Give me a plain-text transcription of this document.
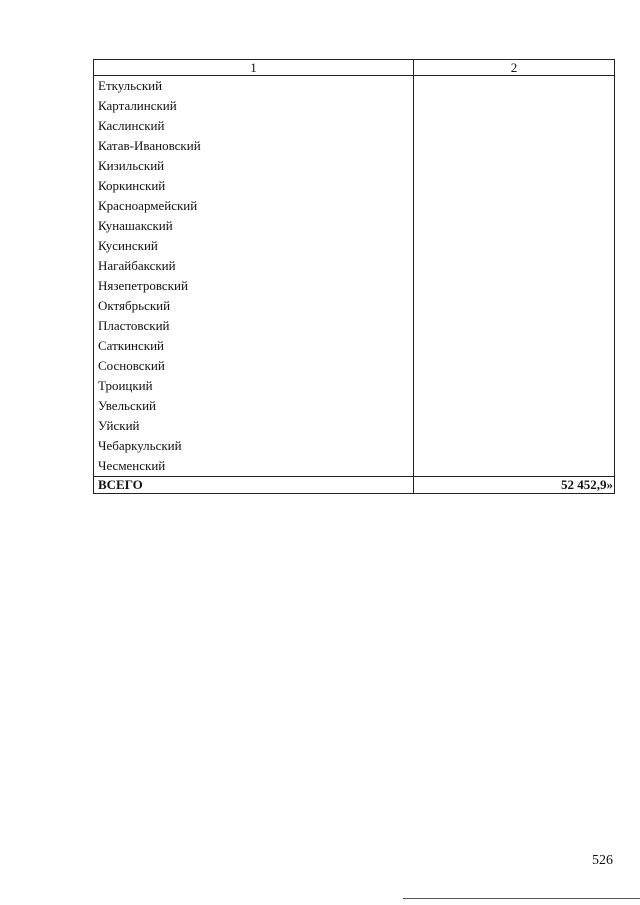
1	2
Еткульский	
Карталинский	
Каслинский	
Катав-Ивановский	
Кизильский	
Коркинский	
Красноармейский	
Кунашакский	
Кусинский	
Нагайбакский	
Нязепетровский	
Октябрьский	
Пластовский	
Саткинский	
Сосновский	
Троицкий	
Увельский	
Уйский	
Чебаркульский	
Чесменский	
ВСЕГО	52 452,9»
526
